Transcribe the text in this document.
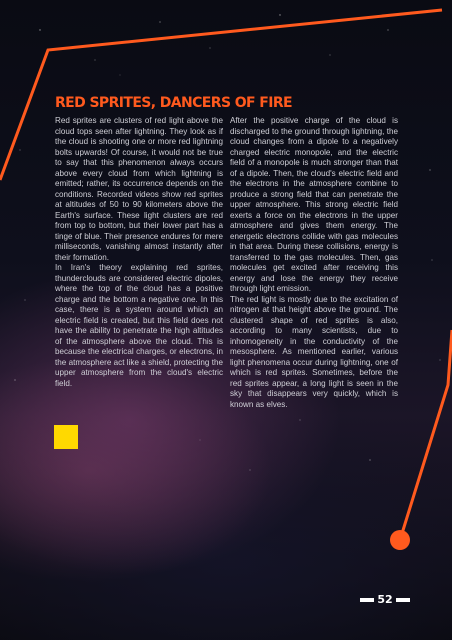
RED SPRITES, DANCERS OF FIRE

Red sprites are clusters of red light above the cloud tops seen after lightning. They look as if the cloud is shooting one or more red lightning bolts upwards! Of course, it would not be true to say that this phenomenon always occurs above every cloud from which lightning is emitted; rather, its occurrence depends on the conditions. Recorded videos show red sprites at altitudes of 50 to 90 kilometers above the Earth's surface. These light clusters are red from top to bottom, but their lower part has a tinge of blue. Their presence endures for mere milliseconds, vanishing almost instantly after their formation.

In Iran's theory explaining red sprites, thunderclouds are considered electric dipoles, where the top of the cloud has a positive charge and the bottom a negative one. In this case, there is a system around which an electric field is created, but this field does not have the ability to penetrate the high altitudes of the atmosphere above the cloud. This is because the electrical charges, or electrons, in the atmosphere act like a shield, protecting the upper atmosphere from the cloud's electric field.

After the positive charge of the cloud is discharged to the ground through lightning, the cloud changes from a dipole to a negatively charged electric monopole, and the electric field of a monopole is much stronger than that of a dipole. Then, the cloud's electric field and the electrons in the atmosphere combine to produce a strong field that can penetrate the upper atmosphere. This strong electric field exerts a force on the electrons in the upper atmosphere and gives them energy. The energetic electrons collide with gas molecules in that area. During these collisions, energy is transferred to the gas molecules. Then, gas molecules get excited after receiving this energy and lose the energy they receive through light emission.

The red light is mostly due to the excitation of nitrogen at that height above the ground. The clustered shape of red sprites is also, according to many scientists, due to inhomogeneity in the conductivity of the mesosphere. As mentioned earlier, various light phenomena occur during lightning, one of which is red sprites. Sometimes, before the red sprites appear, a long light is seen in the sky that disappears very quickly, which is known as elves.

52
